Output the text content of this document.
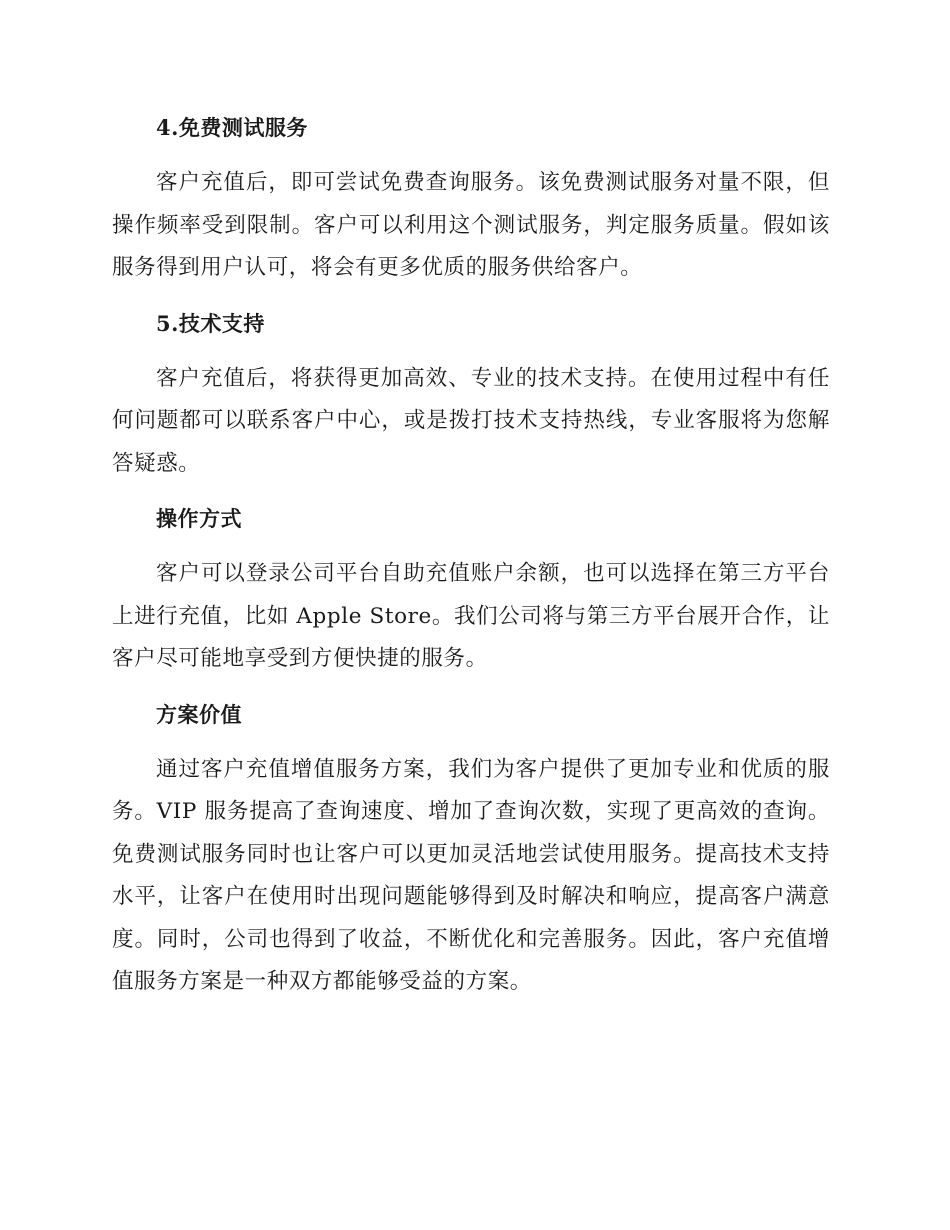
4.免费测试服务

客户充值后，即可尝试免费查询服务。该免费测试服务对量不限，但操作频率受到限制。客户可以利用这个测试服务，判定服务质量。假如该服务得到用户认可，将会有更多优质的服务供给客户。

5.技术支持

客户充值后，将获得更加高效、专业的技术支持。在使用过程中有任何问题都可以联系客户中心，或是拨打技术支持热线，专业客服将为您解答疑惑。

操作方式

客户可以登录公司平台自助充值账户余额，也可以选择在第三方平台上进行充值，比如 Apple Store。我们公司将与第三方平台展开合作，让客户尽可能地享受到方便快捷的服务。

方案价值

通过客户充值增值服务方案，我们为客户提供了更加专业和优质的服务。VIP 服务提高了查询速度、增加了查询次数，实现了更高效的查询。免费测试服务同时也让客户可以更加灵活地尝试使用服务。提高技术支持水平，让客户在使用时出现问题能够得到及时解决和响应，提高客户满意度。同时，公司也得到了收益，不断优化和完善服务。因此，客户充值增值服务方案是一种双方都能够受益的方案。
